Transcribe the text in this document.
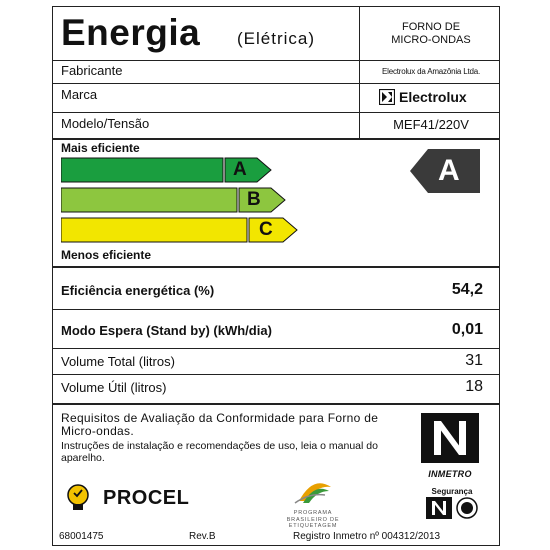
Energia (Elétrica)
FORNO DE
MICRO-ONDAS
Fabricante	Electrolux da Amazônia Ltda.
Marca	Electrolux
Modelo/Tensão	MEF41/220V
Mais eficiente
A
B
C
Menos eficiente
A
Eficiência energética (%)	54,2
Modo Espera (Stand by) (kWh/dia)	0,01
Volume Total (litros)	31
Volume Útil (litros)	18
Requisitos de Avaliação da Conformidade para Forno de Micro-ondas.
Instruções de instalação e recomendações de uso, leia o manual do aparelho.
INMETRO
Segurança
PROCEL
PROGRAMA
BRASILEIRO DE
ETIQUETAGEM
68001475	Rev.B	Registro Inmetro nº 004312/2013
